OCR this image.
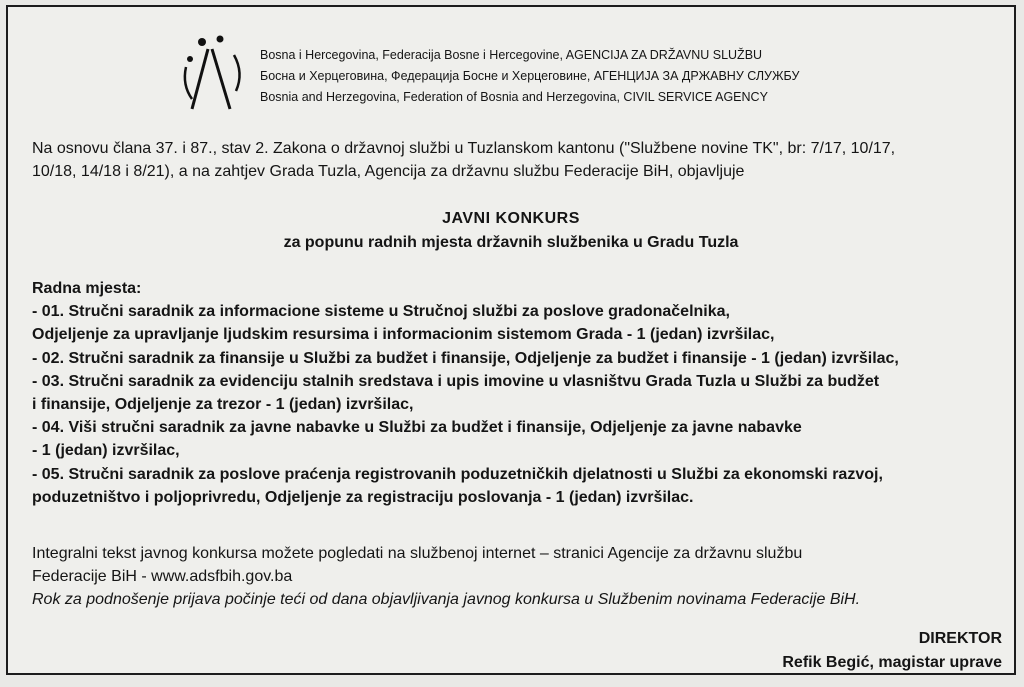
Bosna i Hercegovina, Federacija Bosne i Hercegovine, AGENCIJA ZA DRŽAVNU SLUŽBU
Босна и Херцеговина, Федерација Босне и Херцеговине, АГЕНЦИЈА ЗА ДРЖАВНУ СЛУЖБУ
Bosnia and Herzegovina, Federation of Bosnia and Herzegovina, CIVIL SERVICE AGENCY
Na osnovu člana 37. i 87., stav 2. Zakona o državnoj službi u Tuzlanskom kantonu ("Službene novine TK", br: 7/17, 10/17,
10/18, 14/18 i 8/21), a na zahtjev Grada Tuzla, Agencija za državnu službu Federacije BiH, objavljuje
JAVNI KONKURS
za popunu radnih mjesta državnih službenika u Gradu Tuzla
Radna mjesta:
- 01. Stručni saradnik za informacione sisteme u Stručnoj službi za poslove gradonačelnika,
Odjeljenje za upravljanje ljudskim resursima i informacionim sistemom Grada - 1 (jedan) izvršilac,
- 02. Stručni saradnik za finansije u Službi za budžet i finansije, Odjeljenje za budžet i finansije - 1 (jedan) izvršilac,
- 03. Stručni saradnik za evidenciju stalnih sredstava i upis imovine u vlasništvu Grada Tuzla u Službi za budžet
i finansije, Odjeljenje za trezor - 1 (jedan) izvršilac,
- 04. Viši stručni saradnik za javne nabavke u Službi za budžet i finansije, Odjeljenje za javne nabavke
- 1 (jedan) izvršilac,
- 05. Stručni saradnik za poslove praćenja registrovanih poduzetničkih djelatnosti u Službi za ekonomski razvoj,
poduzetništvo i poljoprivredu, Odjeljenje za registraciju poslovanja - 1 (jedan) izvršilac.
Integralni tekst javnog konkursa možete pogledati na službenoj internet – stranici Agencije za državnu službu
Federacije BiH - www.adsfbih.gov.ba
Rok za podnošenje prijava počinje teći od dana objavljivanja javnog konkursa u Službenim novinama Federacije BiH.
DIREKTOR
Refik Begić, magistar uprave
